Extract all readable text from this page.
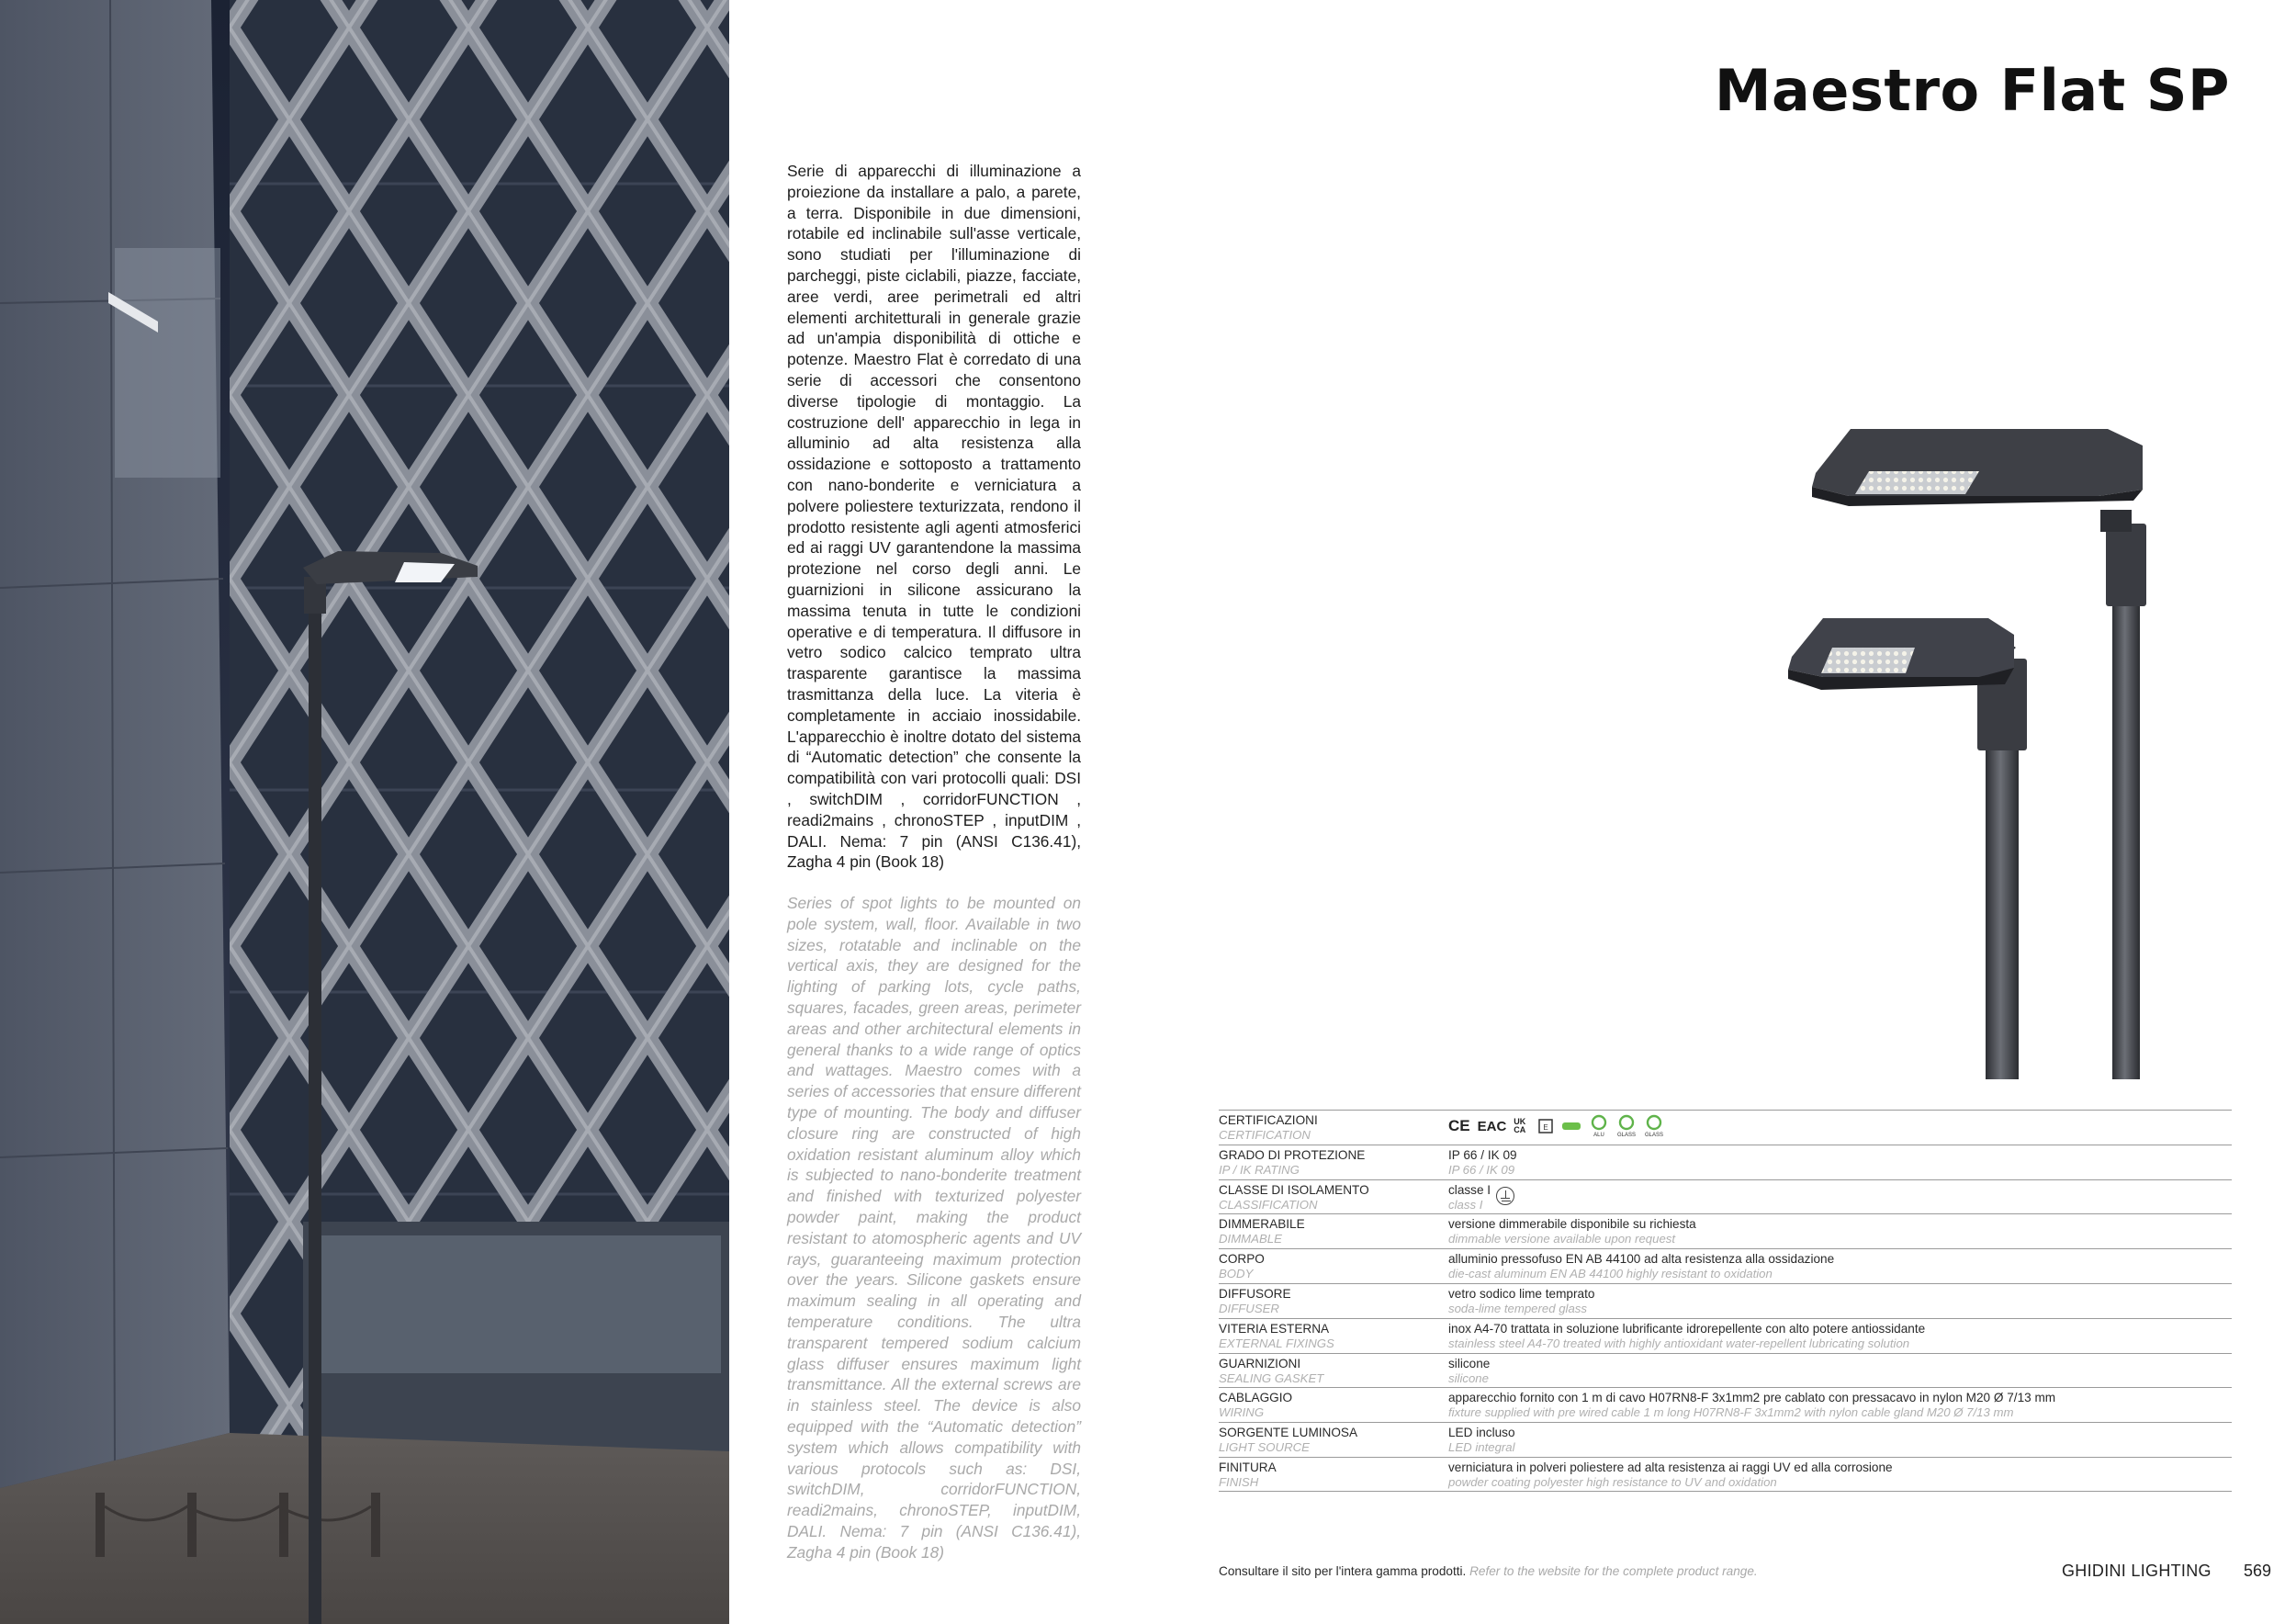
Maestro Flat SP

Serie di apparecchi di illuminazione a proiezione da installare a palo, a parete, a terra. Disponibile in due dimensioni, rotabile ed inclinabile sull'asse verticale, sono studiati per l'illuminazione di parcheggi, piste ciclabili, piazze, facciate, aree verdi, aree perimetrali ed altri elementi architetturali in generale grazie ad un'ampia disponibilità di ottiche e potenze. Maestro Flat è corredato di una serie di accessori che consentono diverse tipologie di montaggio. La costruzione dell' apparecchio in lega in alluminio ad alta resistenza alla ossidazione e sottoposto a trattamento con nano-bonderite e verniciatura a polvere poliestere texturizzata, rendono il prodotto resistente agli agenti atmosferici ed ai raggi UV garantendone la massima protezione nel corso degli anni. Le guarnizioni in silicone assicurano la massima tenuta in tutte le condizioni operative e di temperatura. Il diffusore in vetro sodico calcico temprato ultra trasparente garantisce la massima trasmittanza della luce. La viteria è completamente in acciaio inossidabile. L'apparecchio è inoltre dotato del sistema di “Automatic detection” che consente la compatibilità con vari protocolli quali: DSI , switchDIM , corridorFUNCTION , readi2mains , chronoSTEP , inputDIM , DALI. Nema: 7 pin (ANSI C136.41), Zagha 4 pin (Book 18)

Series of spot lights to be mounted on pole system, wall, floor. Available in two sizes, rotatable and inclinable on the vertical axis, they are designed for the lighting of parking lots, cycle paths, squares, facades, green areas, perimeter areas and other architectural elements in general thanks to a wide range of optics and wattages. Maestro comes with a series of accessories that ensure different type of mounting. The body and diffuser closure ring are constructed of high oxidation resistant aluminum alloy which is subjected to nano-bonderite treatment and finished with texturized polyester powder paint, making the product resistant to atomospheric agents and UV rays, guaranteeing maximum protection over the years. Silicone gaskets ensure maximum sealing in all operating and temperature conditions. The ultra transparent tempered sodium calcium glass diffuser ensures maximum light transmittance. All the external screws are in stainless steel. The device is also equipped with the “Automatic detection” system which allows compatibility with various protocols such as: DSI, switchDIM, corridorFUNCTION, readi2mains, chronoSTEP, inputDIM, DALI. Nema: 7 pin (ANSI C136.41), Zagha 4 pin (Book 18)

CERTIFICAZIONI
CERTIFICATION
CE EAC UK CA	E
ALU GLASS GLASS
GRADO DI PROTEZIONE
IP / IK RATING
IP 66 / IK 09
IP 66 / IK 09
CLASSE DI ISOLAMENTO
CLASSIFICATION
classe I
class I
DIMMERABILE
DIMMABLE
versione dimmerabile disponibile su richiesta
dimmable versione available upon request
CORPO
BODY
alluminio pressofuso EN AB 44100 ad alta resistenza alla ossidazione
die-cast aluminum EN AB 44100 highly resistant to oxidation
DIFFUSORE
DIFFUSER
vetro sodico lime temprato
soda-lime tempered glass
VITERIA ESTERNA
EXTERNAL FIXINGS
inox A4-70 trattata in soluzione lubrificante idrorepellente con alto potere antiossidante
stainless steel A4-70 treated with highly antioxidant water-repellent lubricating solution
GUARNIZIONI
SEALING GASKET
silicone
silicone
CABLAGGIO
WIRING
apparecchio fornito con 1 m di cavo H07RN8-F 3x1mm2 pre cablato con pressacavo in nylon M20 Ø 7/13 mm
fixture supplied with pre wired cable 1 m long H07RN8-F 3x1mm2 with nylon cable gland M20 Ø 7/13 mm
SORGENTE LUMINOSA
LIGHT SOURCE
LED incluso
LED integral
FINITURA
FINISH
verniciatura in polveri poliestere ad alta resistenza ai raggi UV ed alla corrosione
powder coating polyester high resistance to UV and oxidation
Consultare il sito per l'intera gamma prodotti. Refer to the website for the complete product range.	GHIDINI LIGHTING 569
